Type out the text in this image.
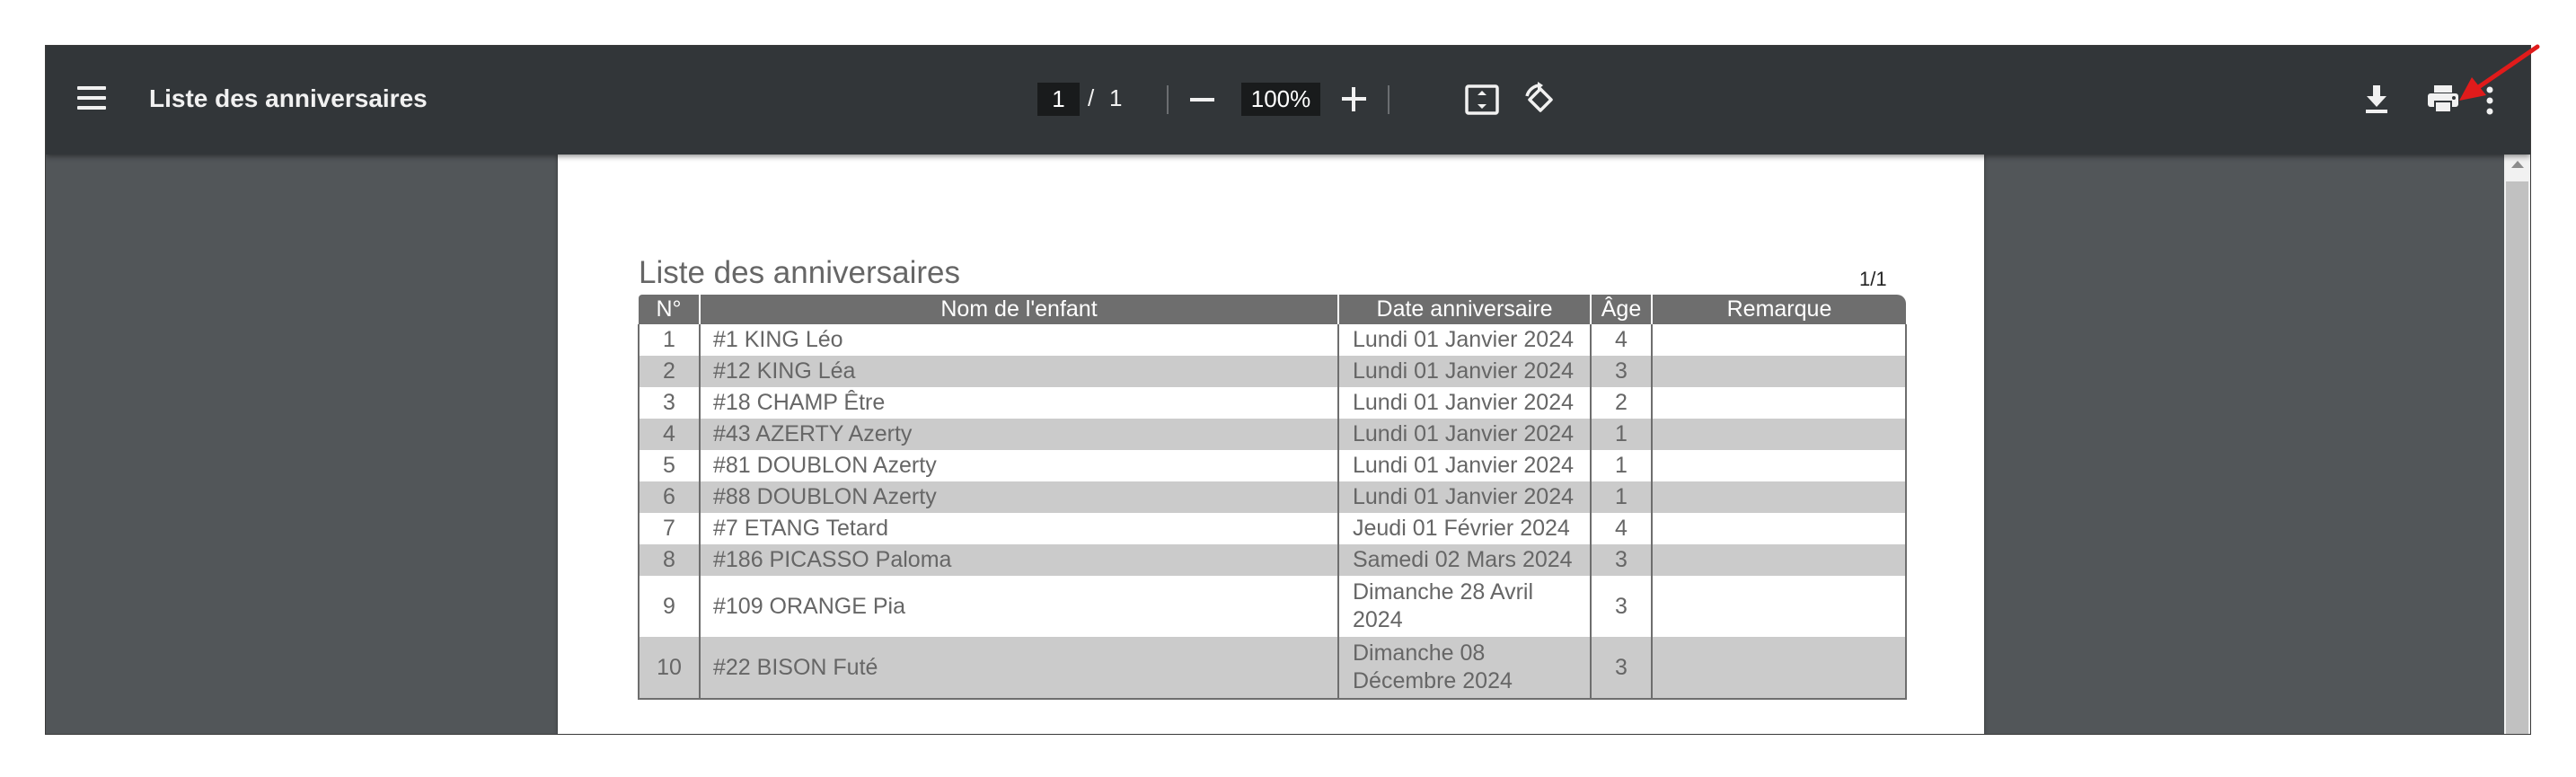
Liste des anniversaires	1 / 1	100%
Liste des anniversaires	1/1
N°	Nom de l'enfant	Date anniversaire	Âge	Remarque
1	#1 KING Léo	Lundi 01 Janvier 2024	4	
2	#12 KING Léa	Lundi 01 Janvier 2024	3	
3	#18 CHAMP Être	Lundi 01 Janvier 2024	2	
4	#43 AZERTY Azerty	Lundi 01 Janvier 2024	1	
5	#81 DOUBLON Azerty	Lundi 01 Janvier 2024	1	
6	#88 DOUBLON Azerty	Lundi 01 Janvier 2024	1	
7	#7 ETANG Tetard	Jeudi 01 Février 2024	4	
8	#186 PICASSO Paloma	Samedi 02 Mars 2024	3	
9	#109 ORANGE Pia	Dimanche 28 Avril 2024	3	
10	#22 BISON Futé	Dimanche 08 Décembre 2024	3	
